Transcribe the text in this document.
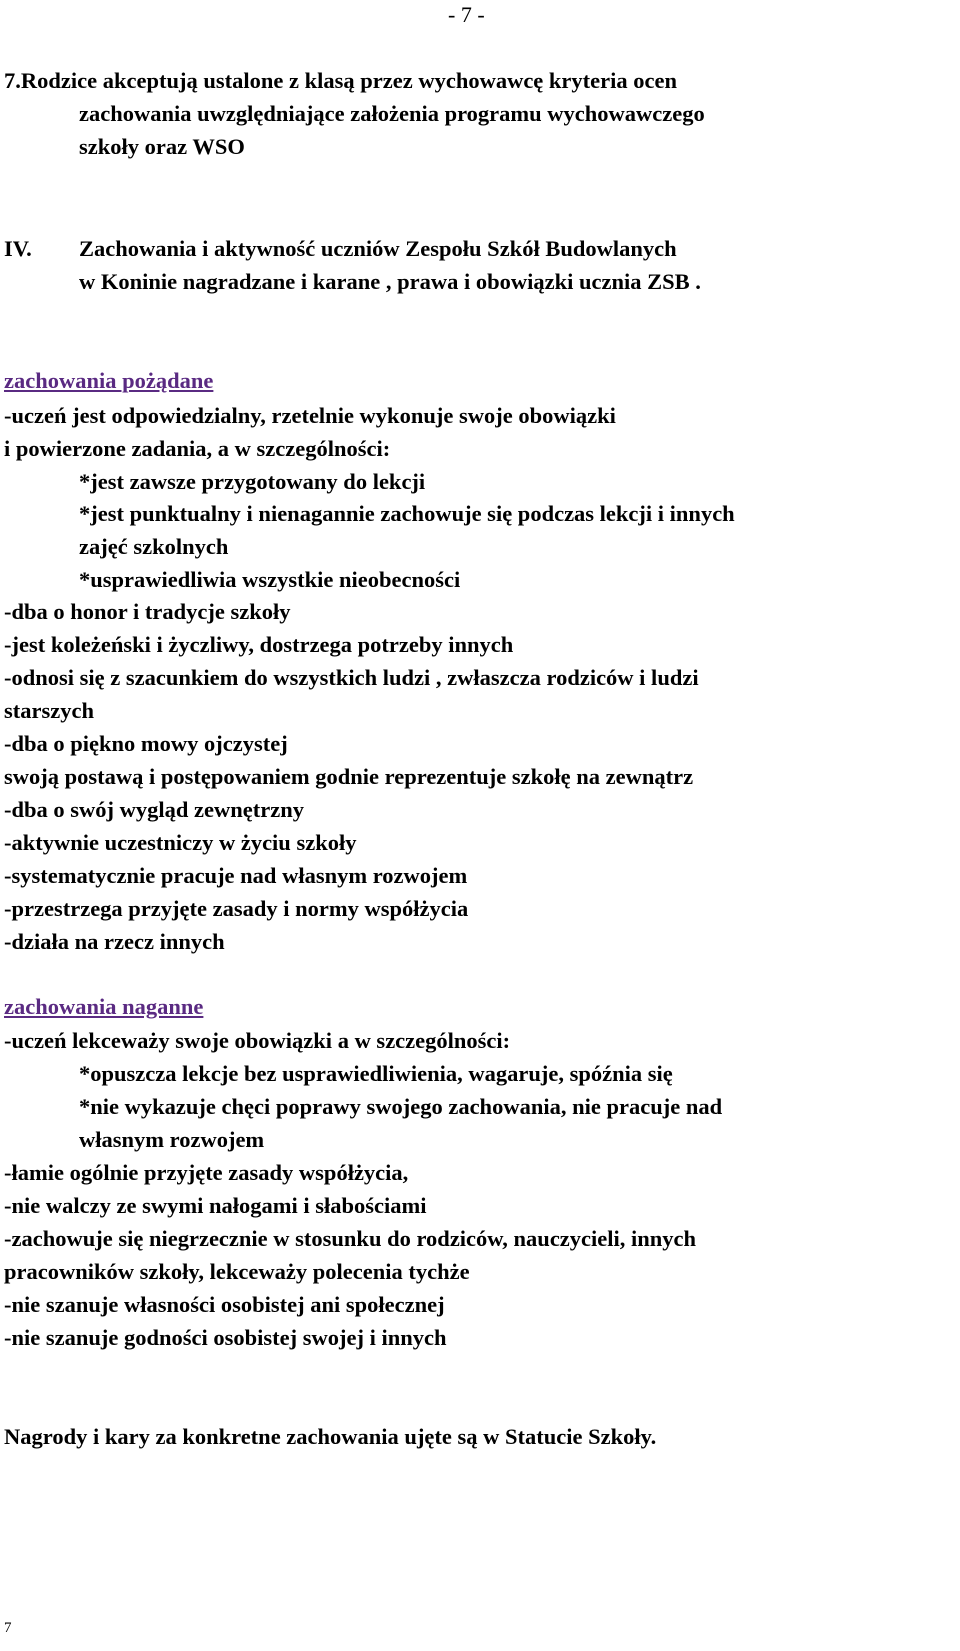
- 7 -
7.Rodzice akceptują ustalone z klasą przez wychowawcę kryteria ocen
zachowania uwzględniające założenia programu wychowawczego
szkoły oraz WSO
IV. Zachowania i aktywność uczniów Zespołu Szkół Budowlanych
w Koninie nagradzane i karane , prawa i obowiązki ucznia ZSB .
zachowania pożądane
-uczeń jest odpowiedzialny, rzetelnie wykonuje swoje obowiązki
i powierzone zadania, a w szczególności:
*jest zawsze przygotowany do lekcji
*jest punktualny i nienagannie zachowuje się podczas lekcji i innych
zajęć szkolnych
*usprawiedliwia wszystkie nieobecności
-dba o honor i tradycje szkoły
-jest koleżeński i życzliwy, dostrzega potrzeby innych
-odnosi się z szacunkiem do wszystkich ludzi , zwłaszcza rodziców i ludzi
starszych
-dba o piękno mowy ojczystej
swoją postawą i postępowaniem godnie reprezentuje szkołę na zewnątrz
-dba o swój wygląd zewnętrzny
-aktywnie uczestniczy w życiu szkoły
-systematycznie pracuje nad własnym rozwojem
-przestrzega przyjęte zasady i normy współżycia
-działa na rzecz innych
zachowania naganne
-uczeń lekceważy swoje obowiązki a w szczególności:
*opuszcza lekcje bez usprawiedliwienia, wagaruje, spóźnia się
*nie wykazuje chęci poprawy swojego zachowania, nie pracuje nad
własnym rozwojem
-łamie ogólnie przyjęte zasady współżycia,
-nie walczy ze swymi nałogami i słabościami
-zachowuje się niegrzecznie w stosunku do rodziców, nauczycieli, innych
pracowników szkoły, lekceważy polecenia tychże
-nie szanuje własności osobistej ani społecznej
-nie szanuje godności osobistej swojej i innych
Nagrody i kary za konkretne zachowania ujęte są w Statucie Szkoły.
7
